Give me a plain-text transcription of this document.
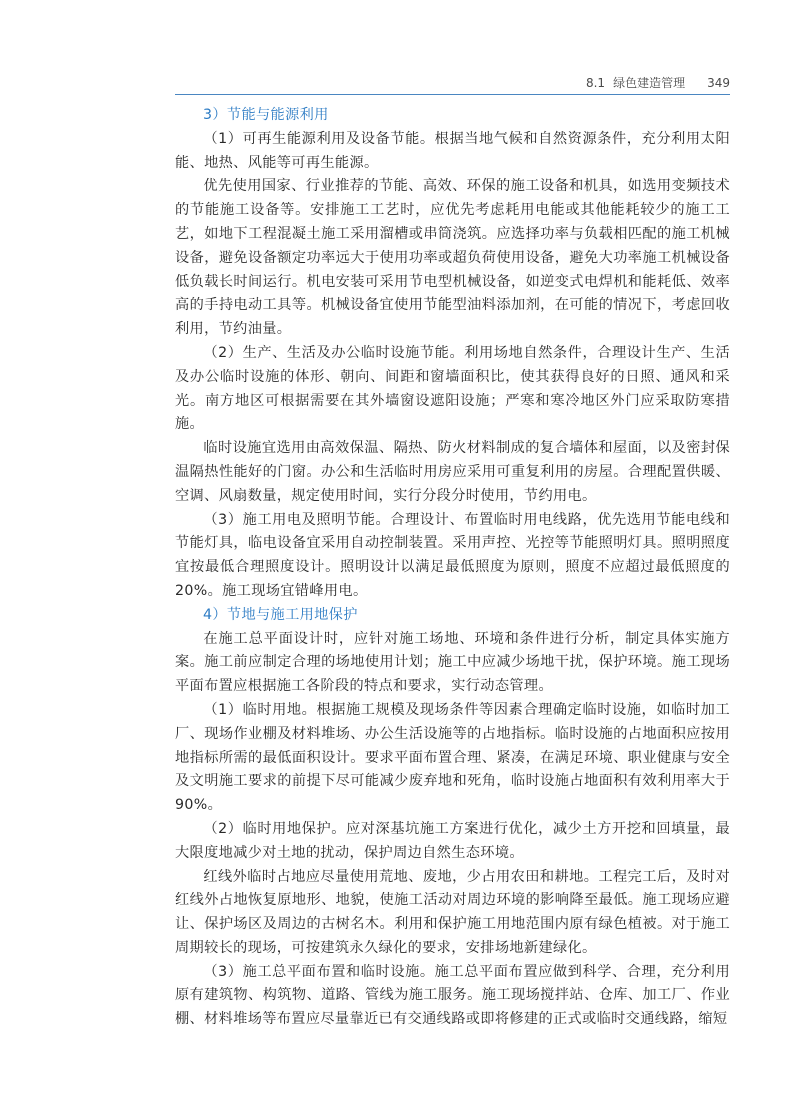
8.1 绿色建造管理 349
3）节能与能源利用

（1）可再生能源利用及设备节能。根据当地气候和自然资源条件，充分利用太阳能、地热、风能等可再生能源。

优先使用国家、行业推荐的节能、高效、环保的施工设备和机具，如选用变频技术的节能施工设备等。安排施工工艺时，应优先考虑耗用电能或其他能耗较少的施工工艺，如地下工程混凝土施工采用溜槽或串筒浇筑。应选择功率与负载相匹配的施工机械设备，避免设备额定功率远大于使用功率或超负荷使用设备，避免大功率施工机械设备低负载长时间运行。机电安装可采用节电型机械设备，如逆变式电焊机和能耗低、效率高的手持电动工具等。机械设备宜使用节能型油料添加剂，在可能的情况下，考虑回收利用，节约油量。

（2）生产、生活及办公临时设施节能。利用场地自然条件，合理设计生产、生活及办公临时设施的体形、朝向、间距和窗墙面积比，使其获得良好的日照、通风和采光。南方地区可根据需要在其外墙窗设遮阳设施；严寒和寒冷地区外门应采取防寒措施。

临时设施宜选用由高效保温、隔热、防火材料制成的复合墙体和屋面，以及密封保温隔热性能好的门窗。办公和生活临时用房应采用可重复利用的房屋。合理配置供暖、空调、风扇数量，规定使用时间，实行分段分时使用，节约用电。

（3）施工用电及照明节能。合理设计、布置临时用电线路，优先选用节能电线和节能灯具，临电设备宜采用自动控制装置。采用声控、光控等节能照明灯具。照明照度宜按最低合理照度设计。照明设计以满足最低照度为原则，照度不应超过最低照度的20%。施工现场宜错峰用电。

4）节地与施工用地保护

在施工总平面设计时，应针对施工场地、环境和条件进行分析，制定具体实施方案。施工前应制定合理的场地使用计划；施工中应减少场地干扰，保护环境。施工现场平面布置应根据施工各阶段的特点和要求，实行动态管理。

（1）临时用地。根据施工规模及现场条件等因素合理确定临时设施，如临时加工厂、现场作业棚及材料堆场、办公生活设施等的占地指标。临时设施的占地面积应按用地指标所需的最低面积设计。要求平面布置合理、紧凑，在满足环境、职业健康与安全及文明施工要求的前提下尽可能减少废弃地和死角，临时设施占地面积有效利用率大于90%。

（2）临时用地保护。应对深基坑施工方案进行优化，减少土方开挖和回填量，最大限度地减少对土地的扰动，保护周边自然生态环境。

红线外临时占地应尽量使用荒地、废地，少占用农田和耕地。工程完工后，及时对红线外占地恢复原地形、地貌，使施工活动对周边环境的影响降至最低。施工现场应避让、保护场区及周边的古树名木。利用和保护施工用地范围内原有绿色植被。对于施工周期较长的现场，可按建筑永久绿化的要求，安排场地新建绿化。

（3）施工总平面布置和临时设施。施工总平面布置应做到科学、合理，充分利用原有建筑物、构筑物、道路、管线为施工服务。施工现场搅拌站、仓库、加工厂、作业棚、材料堆场等布置应尽量靠近已有交通线路或即将修建的正式或临时交通线路，缩短
